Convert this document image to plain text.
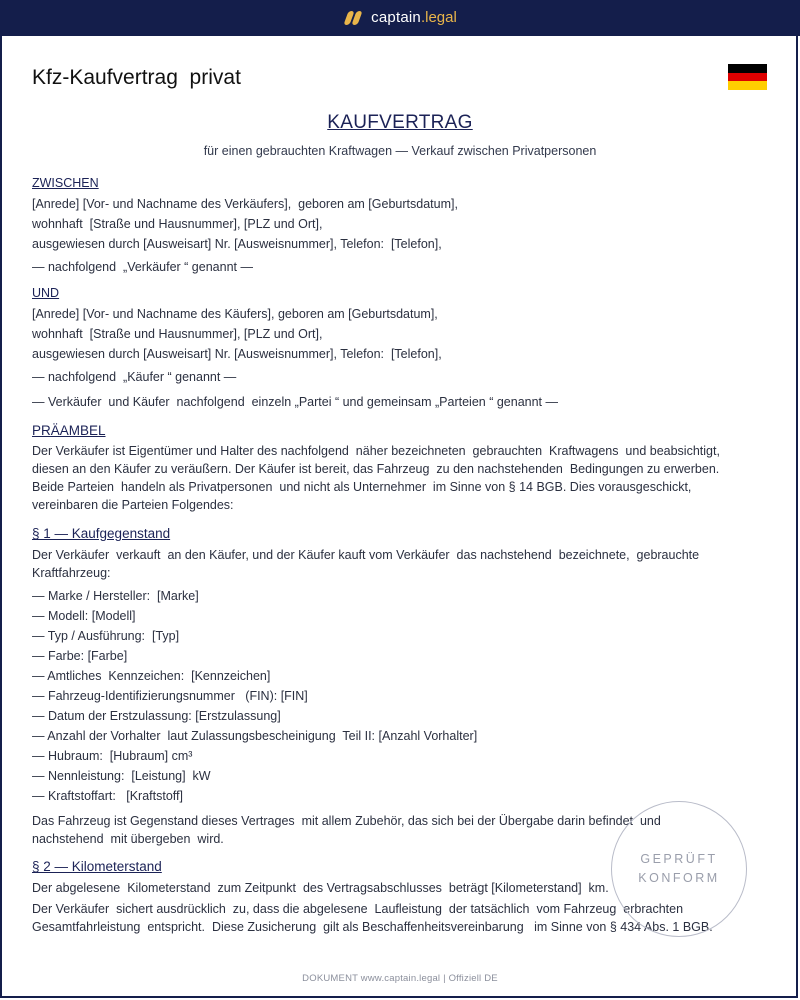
captain.legal
Kfz-Kaufvertrag  privat
KAUFVERTRAG
für einen gebrauchten Kraftwagen — Verkauf zwischen Privatpersonen
ZWISCHEN
[Anrede] [Vor- und Nachname des Verkäufers],  geboren am [Geburtsdatum],
wohnhaft  [Straße und Hausnummer], [PLZ und Ort],
ausgewiesen durch [Ausweisart] Nr. [Ausweisnummer], Telefon:  [Telefon],
— nachfolgend  „Verkäufer “ genannt —
UND
[Anrede] [Vor- und Nachname des Käufers], geboren am [Geburtsdatum],
wohnhaft  [Straße und Hausnummer], [PLZ und Ort],
ausgewiesen durch [Ausweisart] Nr. [Ausweisnummer], Telefon:  [Telefon],
— nachfolgend  „Käufer “ genannt —
— Verkäufer  und Käufer  nachfolgend  einzeln „Partei “ und gemeinsam „Parteien “ genannt —
PRÄAMBEL
Der Verkäufer ist Eigentümer und Halter des nachfolgend  näher bezeichneten  gebrauchten  Kraftwagens  und beabsichtigt,
diesen an den Käufer zu veräußern. Der Käufer ist bereit, das Fahrzeug  zu den nachstehenden  Bedingungen zu erwerben.
Beide Parteien  handeln als Privatpersonen  und nicht als Unternehmer  im Sinne von § 14 BGB. Dies vorausgeschickt,
vereinbaren die Parteien Folgendes:
§ 1 — Kaufgegenstand
Der Verkäufer  verkauft  an den Käufer, und der Käufer kauft vom Verkäufer  das nachstehend  bezeichnete,  gebrauchte
Kraftfahrzeug:
— Marke / Hersteller:  [Marke]
— Modell: [Modell]
— Typ / Ausführung:  [Typ]
— Farbe: [Farbe]
— Amtliches  Kennzeichen:  [Kennzeichen]
— Fahrzeug-Identifizierungsnummer   (FIN): [FIN]
— Datum der Erstzulassung: [Erstzulassung]
— Anzahl der Vorhalter  laut Zulassungsbescheinigung  Teil II: [Anzahl Vorhalter]
— Hubraum:  [Hubraum] cm³
— Nennleistung:  [Leistung]  kW
— Kraftstoffart:   [Kraftstoff]
Das Fahrzeug ist Gegenstand dieses Vertrages  mit allem Zubehör, das sich bei der Übergabe darin befindet  und
nachstehend  mit übergeben  wird.
§ 2 — Kilometerstand
Der abgelesene  Kilometerstand  zum Zeitpunkt  des Vertragsabschlusses  beträgt [Kilometerstand]  km.
Der Verkäufer  sichert ausdrücklich  zu, dass die abgelesene  Laufleistung  der tatsächlich  vom Fahrzeug  erbrachten
Gesamtfahrleistung  entspricht.  Diese Zusicherung  gilt als Beschaffenheitsvereinbarung   im Sinne von § 434 Abs. 1 BGB.
GEPRÜFT
KONFORM
DOKUMENT www.captain.legal | Offiziell DE
